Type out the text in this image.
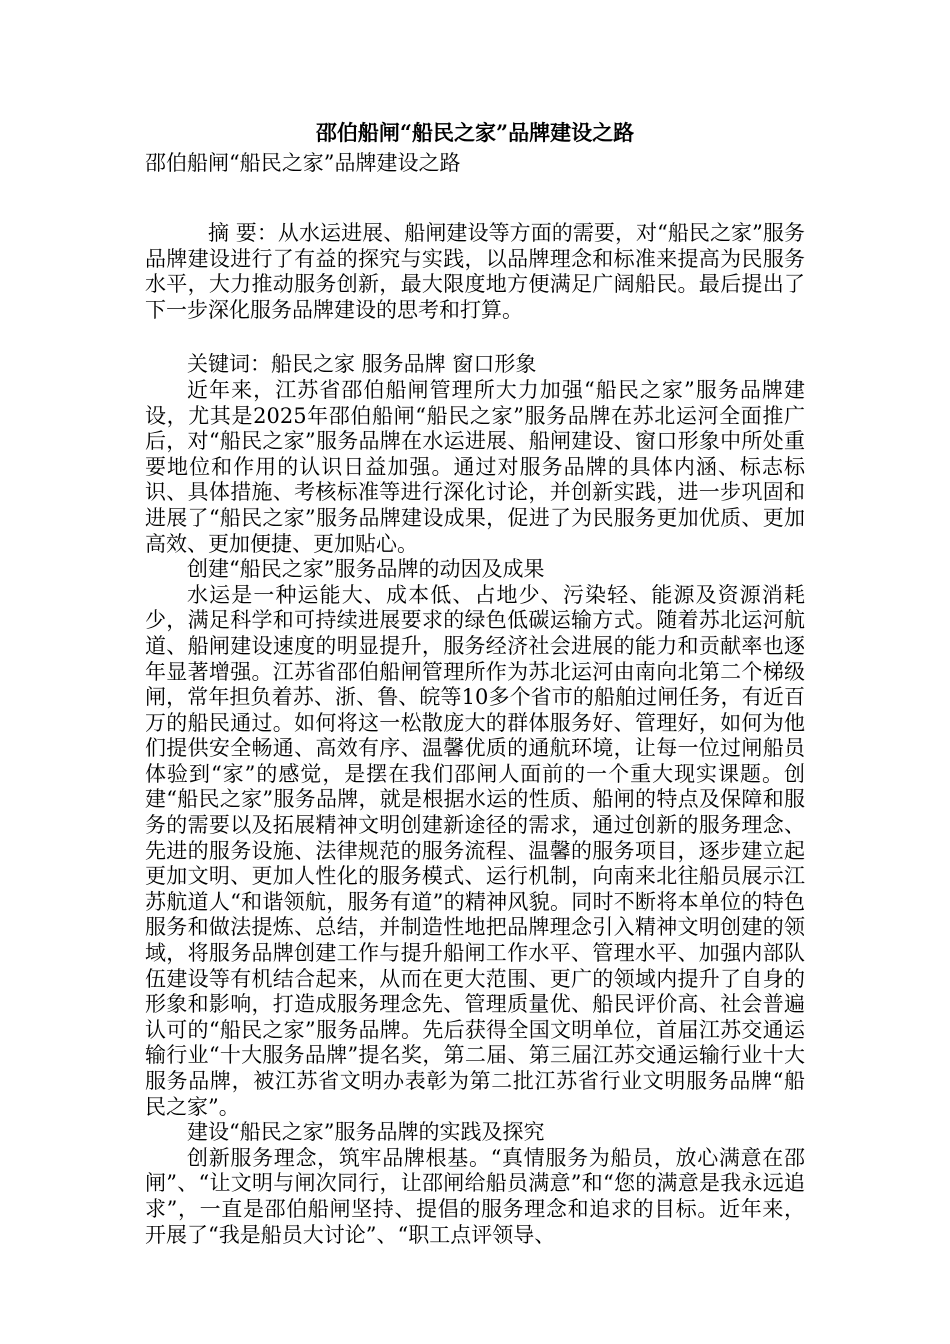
邵伯船闸“船民之家”品牌建设之路
邵伯船闸“船民之家”品牌建设之路

摘 要：从水运进展、船闸建设等方面的需要，对“船民之家”服务品牌建设进行了有益的探究与实践，以品牌理念和标准来提高为民服务水平，大力推动服务创新，最大限度地方便满足广阔船民。最后提出了下一步深化服务品牌建设的思考和打算。

关键词：船民之家 服务品牌 窗口形象

近年来，江苏省邵伯船闸管理所大力加强“船民之家”服务品牌建设，尤其是2025年邵伯船闸“船民之家”服务品牌在苏北运河全面推广后，对“船民之家”服务品牌在水运进展、船闸建设、窗口形象中所处重要地位和作用的认识日益加强。通过对服务品牌的具体内涵、标志标识、具体措施、考核标准等进行深化讨论，并创新实践，进一步巩固和进展了“船民之家”服务品牌建设成果，促进了为民服务更加优质、更加高效、更加便捷、更加贴心。

创建“船民之家”服务品牌的动因及成果

水运是一种运能大、成本低、占地少、污染轻、能源及资源消耗少，满足科学和可持续进展要求的绿色低碳运输方式。随着苏北运河航道、船闸建设速度的明显提升，服务经济社会进展的能力和贡献率也逐年显著增强。江苏省邵伯船闸管理所作为苏北运河由南向北第二个梯级闸，常年担负着苏、浙、鲁、皖等10多个省市的船舶过闸任务，有近百万的船民通过。如何将这一松散庞大的群体服务好、管理好，如何为他们提供安全畅通、高效有序、温馨优质的通航环境，让每一位过闸船员体验到“家”的感觉，是摆在我们邵闸人面前的一个重大现实课题。创建“船民之家”服务品牌，就是根据水运的性质、船闸的特点及保障和服务的需要以及拓展精神文明创建新途径的需求，通过创新的服务理念、先进的服务设施、法律规范的服务流程、温馨的服务项目，逐步建立起更加文明、更加人性化的服务模式、运行机制，向南来北往船员展示江苏航道人“和谐领航，服务有道”的精神风貌。同时不断将本单位的特色服务和做法提炼、总结，并制造性地把品牌理念引入精神文明创建的领域，将服务品牌创建工作与提升船闸工作水平、管理水平、加强内部队伍建设等有机结合起来，从而在更大范围、更广的领域内提升了自身的形象和影响，打造成服务理念先、管理质量优、船民评价高、社会普遍认可的“船民之家”服务品牌。先后获得全国文明单位，首届江苏交通运输行业“十大服务品牌”提名奖，第二届、第三届江苏交通运输行业十大服务品牌，被江苏省文明办表彰为第二批江苏省行业文明服务品牌“船民之家”。

建设“船民之家”服务品牌的实践及探究

创新服务理念，筑牢品牌根基。“真情服务为船员，放心满意在邵闸”、“让文明与闸次同行，让邵闸给船员满意”和“您的满意是我永远追求”，一直是邵伯船闸坚持、提倡的服务理念和追求的目标。近年来，开展了“我是船员大讨论”、“职工点评领导、
